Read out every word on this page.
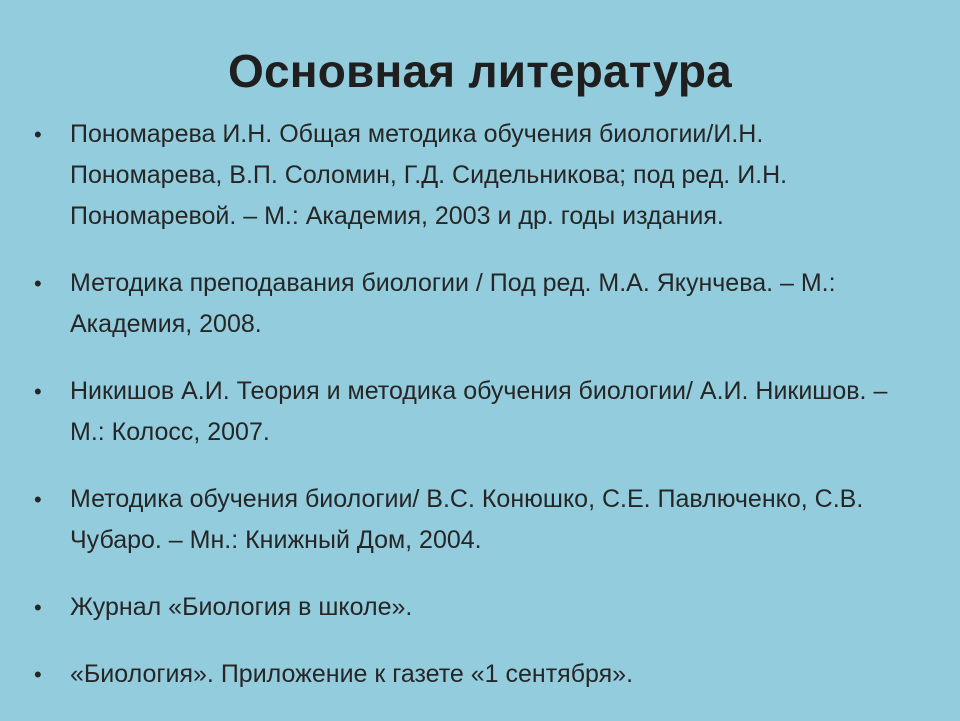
Основная литература
• Пономарева И.Н. Общая методика обучения биологии/И.Н. Пономарева, В.П. Соломин, Г.Д. Сидельникова; под ред. И.Н. Пономаревой. – М.: Академия, 2003 и др. годы издания.
• Методика преподавания биологии / Под ред. М.А. Якунчева. – М.: Академия, 2008.
• Никишов А.И. Теория и методика обучения биологии/ А.И. Никишов. – М.: Колосс, 2007.
• Методика обучения биологии/ В.С. Конюшко, С.Е. Павлюченко, С.В. Чубаро. – Мн.: Книжный Дом, 2004.
• Журнал «Биология в школе».
• «Биология». Приложение к газете «1 сентября».
